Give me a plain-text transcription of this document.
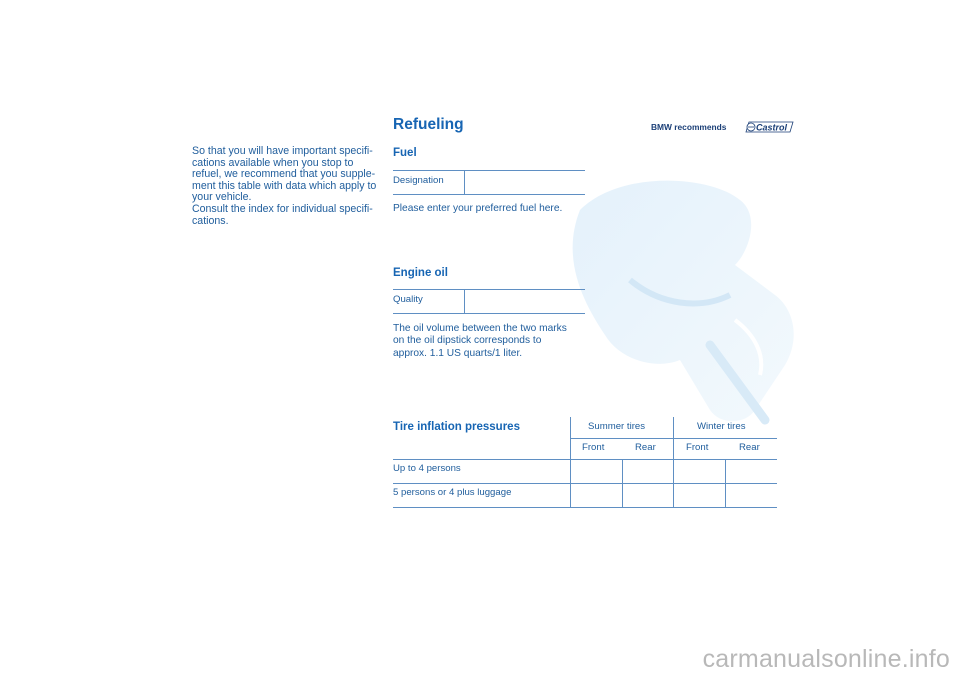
So that you will have important specifi-

cations available when you stop to

refuel, we recommend that you supple-

ment this table with data which apply to

your vehicle.

Consult the index for individual specifi-

cations.

Refueling	BMW recommends	Castrol
Fuel
Designation
Please enter your preferred fuel here.
Engine oil
Quality

The oil volume between the two marks

on the oil dipstick corresponds to

approx. 1.1 US quarts/1 liter.

Tire inflation pressures	Summer tires	Winter tires
Front	Rear	Front	Rear
Up to 4 persons
5 persons or 4 plus luggage
carmanualsonline.info
